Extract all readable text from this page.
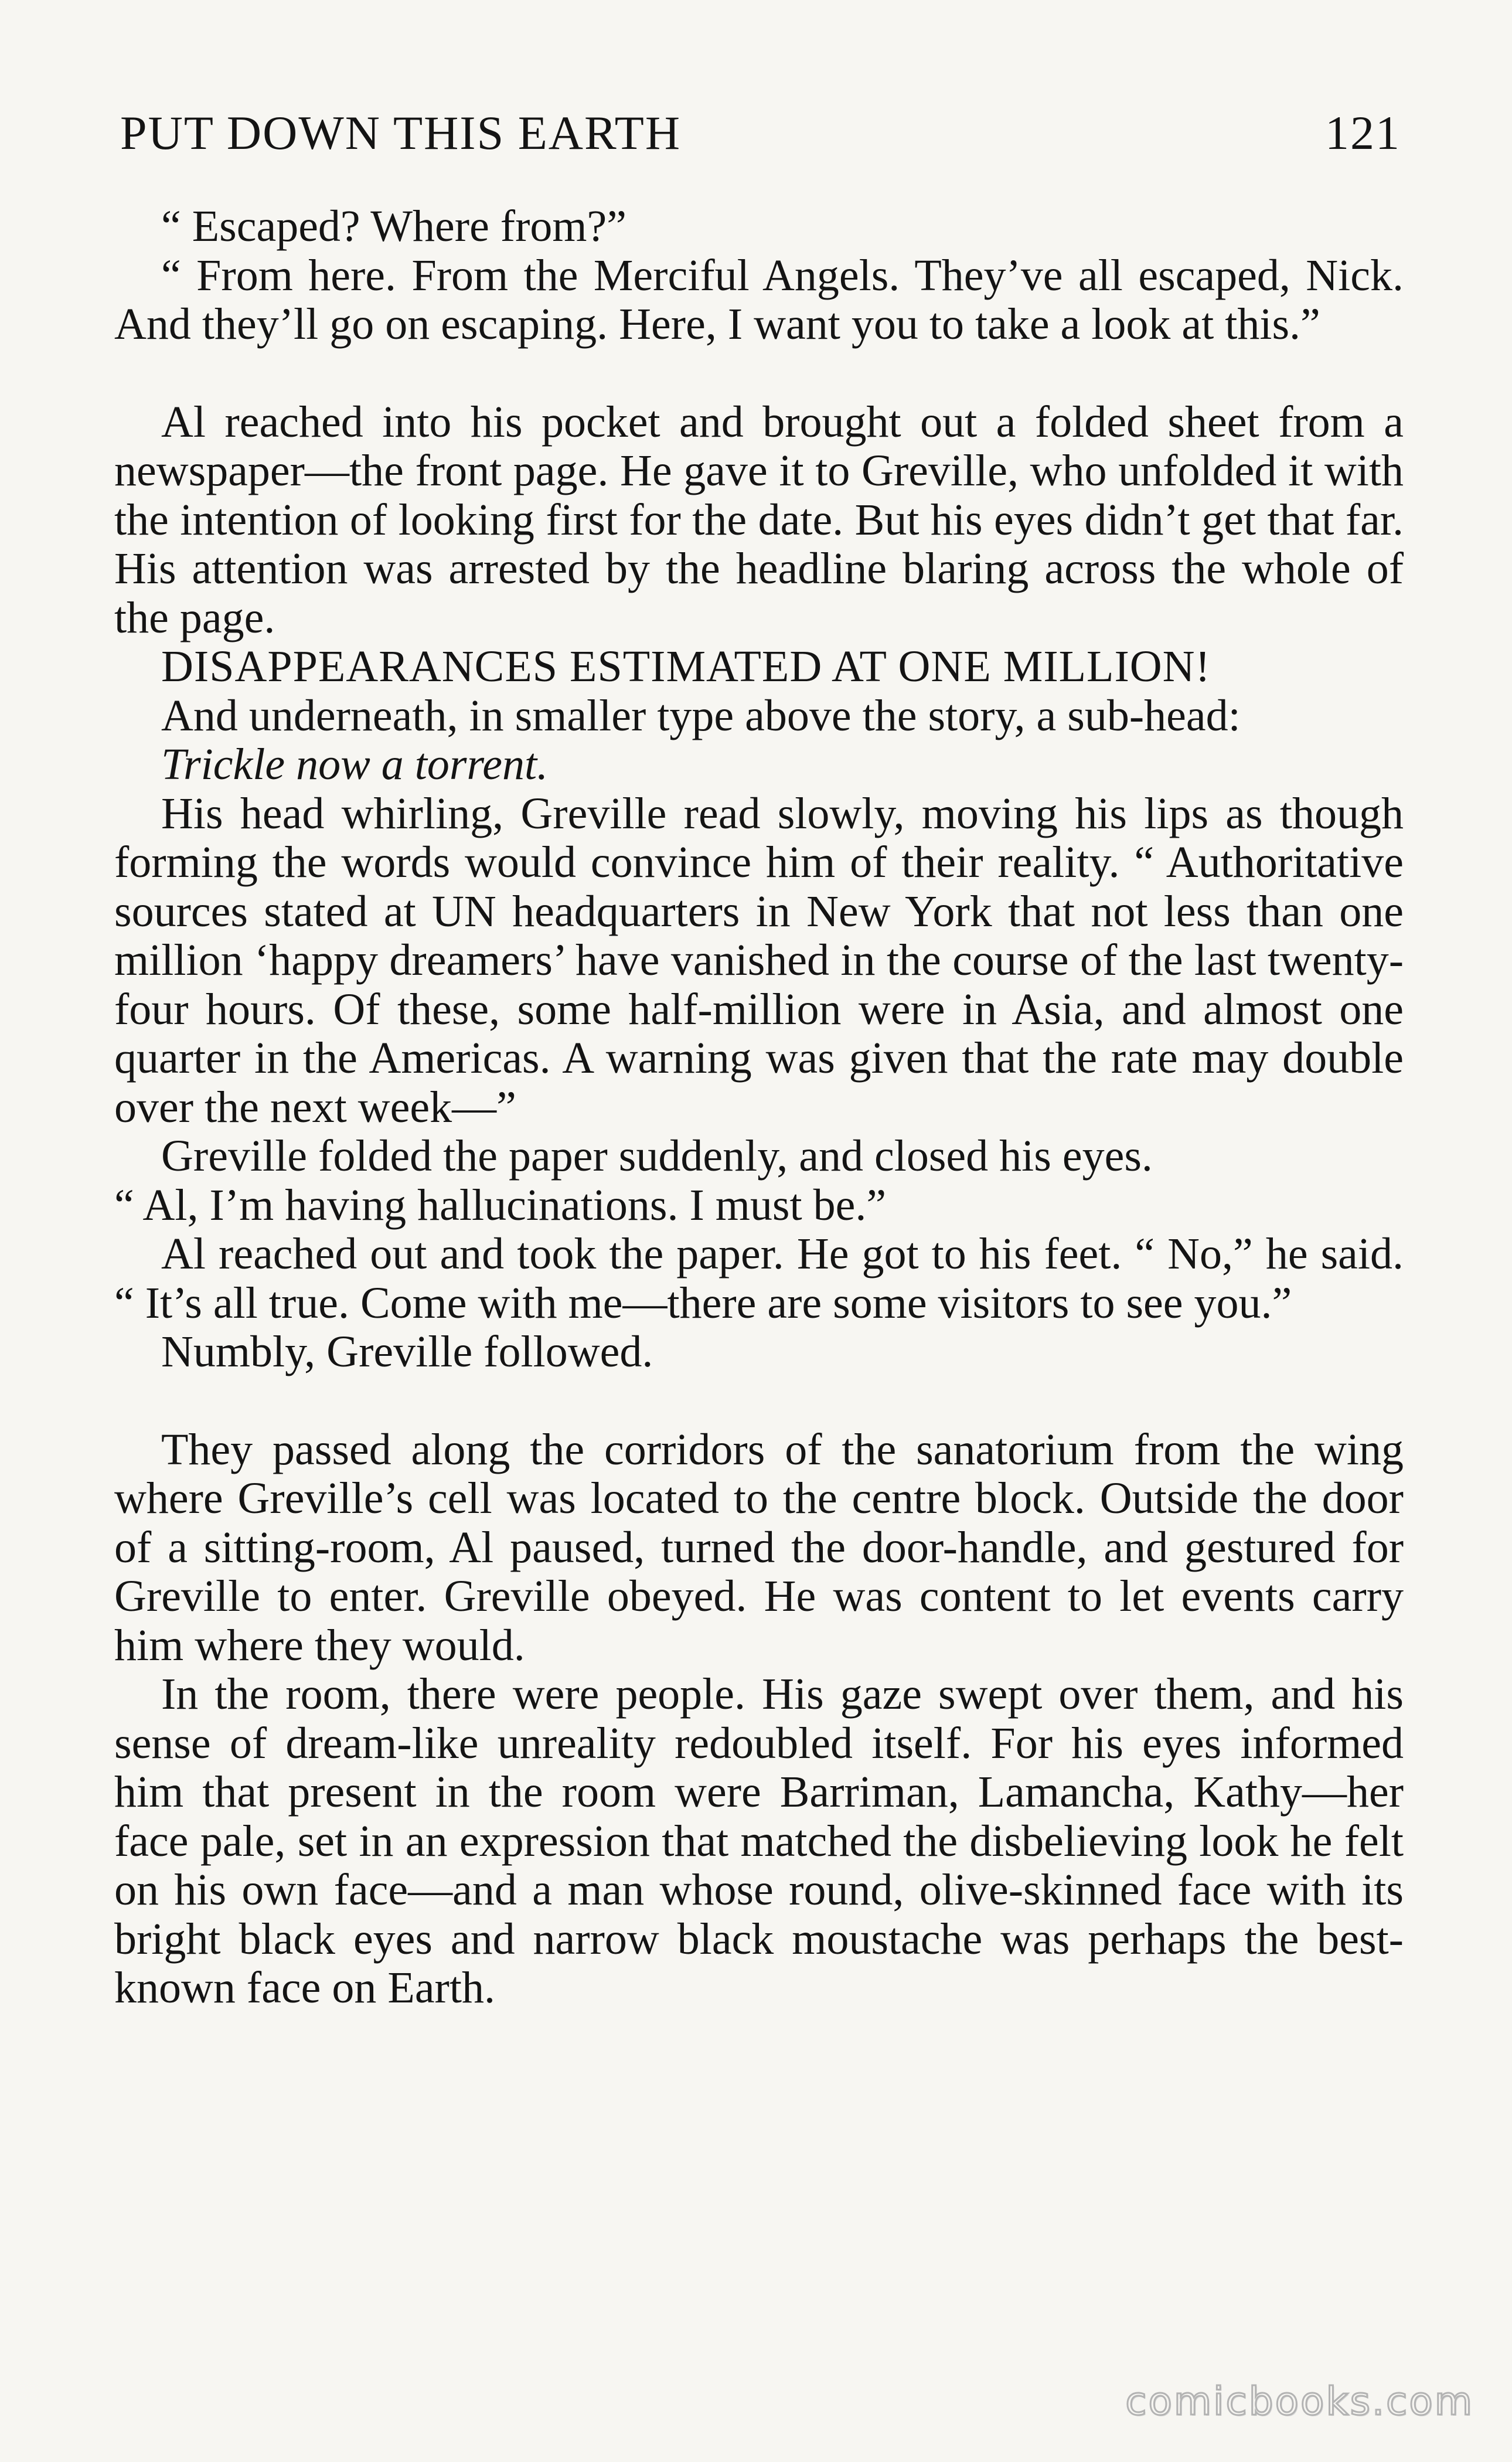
PUT DOWN THIS EARTH	121

“ Escaped? Where from?”

“ From here. From the Merciful Angels. They’ve all escaped, Nick. And they’ll go on escaping. Here, I want you to take a look at this.”

Al reached into his pocket and brought out a folded sheet from a newspaper—the front page. He gave it to Greville, who unfolded it with the intention of looking first for the date. But his eyes didn’t get that far. His attention was arrested by the headline blaring across the whole of the page.

DISAPPEARANCES ESTIMATED AT ONE MILLION!

And underneath, in smaller type above the story, a sub-head:

Trickle now a torrent.

His head whirling, Greville read slowly, moving his lips as though forming the words would convince him of their reality. “ Authoritative sources stated at UN headquarters in New York that not less than one million ‘happy dreamers’ have vanished in the course of the last twenty-four hours. Of these, some half-million were in Asia, and almost one quarter in the Americas. A warning was given that the rate may double over the next week—”

Greville folded the paper suddenly, and closed his eyes.

“ Al, I’m having hallucinations. I must be.”

Al reached out and took the paper. He got to his feet. “ No,” he said. “ It’s all true. Come with me—there are some visitors to see you.”

Numbly, Greville followed.

They passed along the corridors of the sanatorium from the wing where Greville’s cell was located to the centre block. Outside the door of a sitting-room, Al paused, turned the door-handle, and gestured for Greville to enter. Greville obeyed. He was content to let events carry him where they would.

In the room, there were people. His gaze swept over them, and his sense of dream-like unreality redoubled itself. For his eyes informed him that present in the room were Barriman, Lamancha, Kathy—her face pale, set in an expression that matched the disbelieving look he felt on his own face—and a man whose round, olive-skinned face with its bright black eyes and narrow black moustache was perhaps the best-known face on Earth.

comicbooks.com
